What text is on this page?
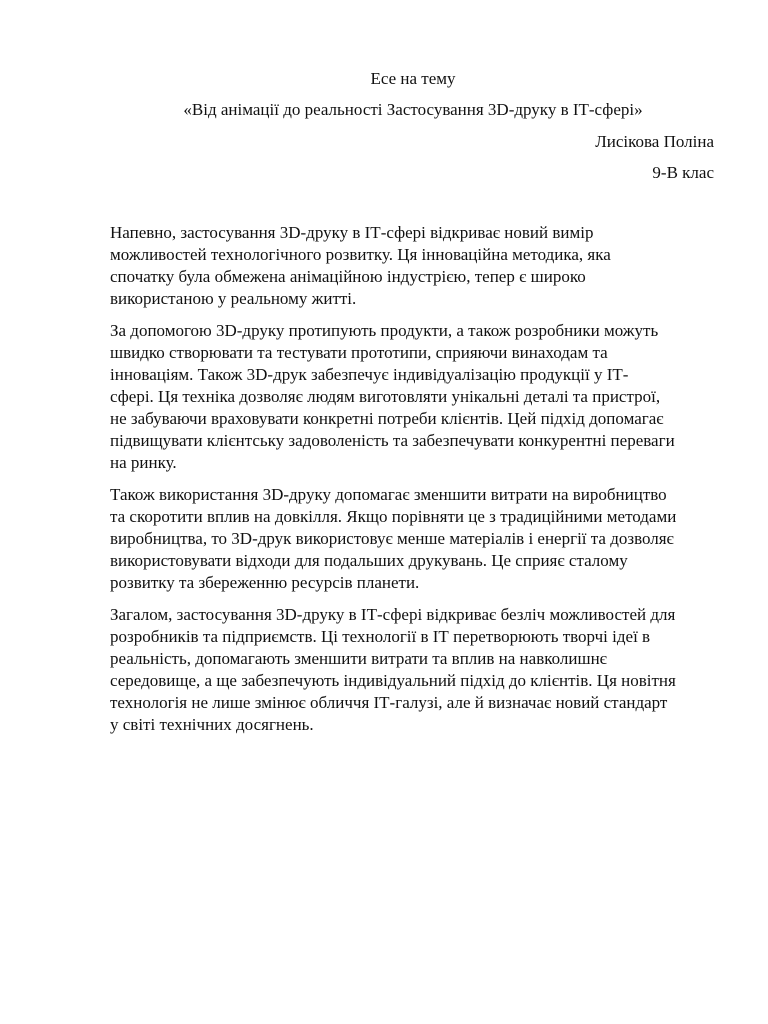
Есе на тему
«Від анімації до реальності Застосування 3D-друку в ІТ-сфері»
Лисікова Поліна
9-В клас
Напевно, застосування 3D-друку в ІТ-сфері відкриває новий вимір
можливостей технологічного розвитку. Ця інноваційна методика, яка
спочатку була обмежена анімаційною індустрією, тепер є широко
використаною у реальному житті.
За допомогою 3D-друку протипують продукти, а також розробники можуть
швидко створювати та тестувати прототипи, сприяючи винаходам та
інноваціям. Також 3D-друк забезпечує індивідуалізацію продукції у ІТ-
сфері. Ця техніка дозволяє людям виготовляти унікальні деталі та пристрої,
не забуваючи враховувати конкретні потреби клієнтів. Цей підхід допомагає
підвищувати клієнтську задоволеність та забезпечувати конкурентні переваги
на ринку.
Також використання 3D-друку допомагає зменшити витрати на виробництво
та скоротити вплив на довкілля. Якщо порівняти це з традиційними методами
виробництва, то 3D-друк використовує менше матеріалів і енергії та дозволяє
використовувати відходи для подальших друкувань. Це сприяє сталому
розвитку та збереженню ресурсів планети.
Загалом, застосування 3D-друку в ІТ-сфері відкриває безліч можливостей для
розробників та підприємств. Ці технології в ІТ перетворюють творчі ідеї в
реальність, допомагають зменшити витрати та вплив на навколишнє
середовище, а ще забезпечують індивідуальний підхід до клієнтів. Ця новітня
технологія не лише змінює обличчя ІТ-галузі, але й визначає новий стандарт
у світі технічних досягнень.
